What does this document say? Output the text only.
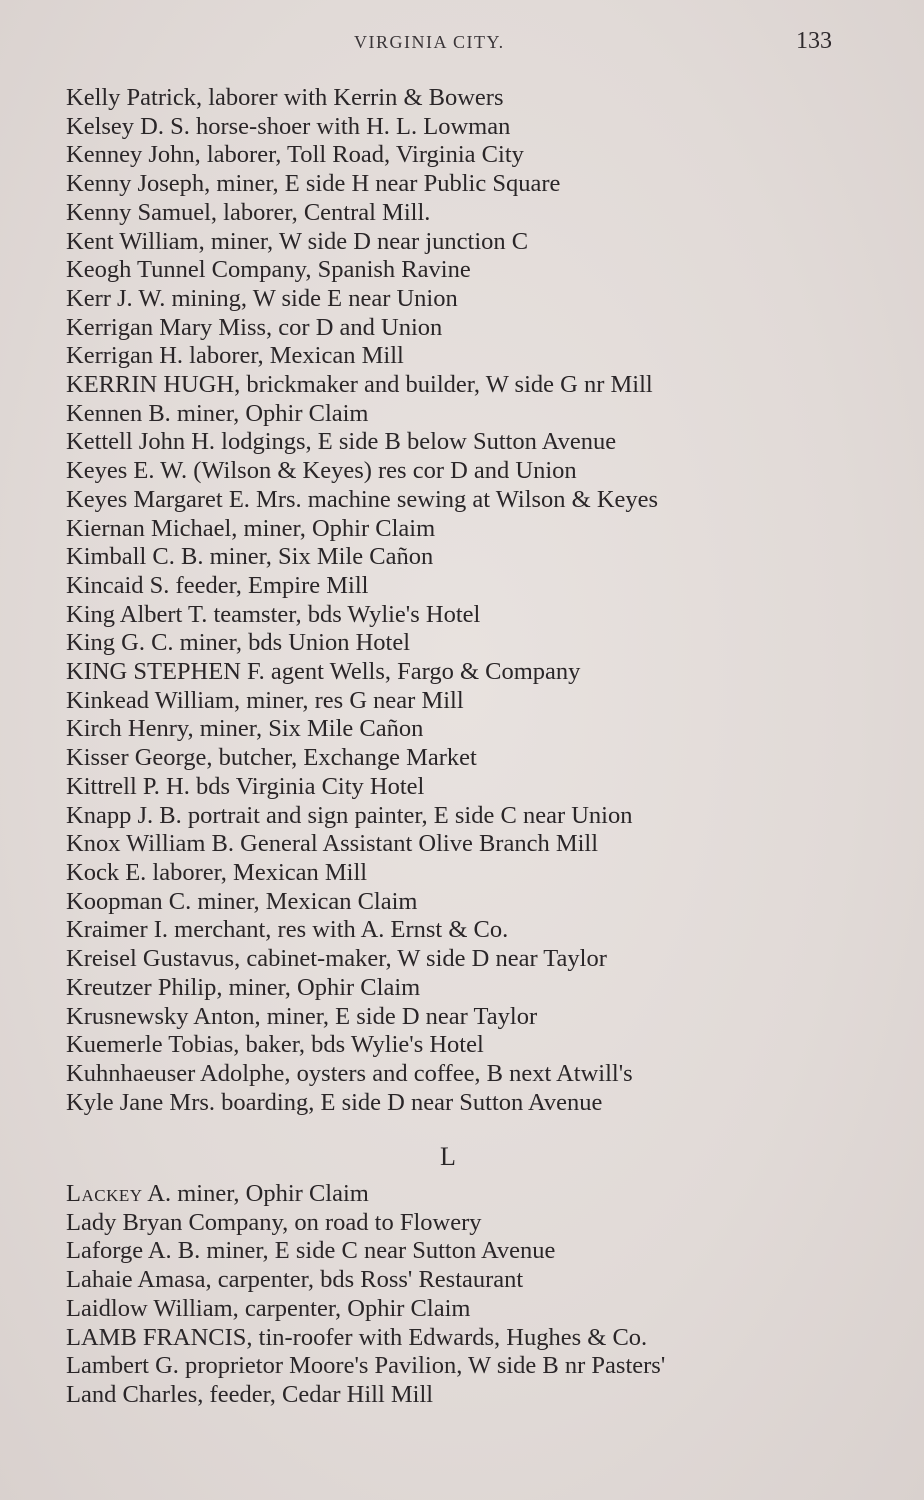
VIRGINIA CITY.	133
Kelly Patrick, laborer with Kerrin & Bowers
Kelsey D. S. horse-shoer with H. L. Lowman
Kenney John, laborer, Toll Road, Virginia City
Kenny Joseph, miner, E side H near Public Square
Kenny Samuel, laborer, Central Mill.
Kent William, miner, W side D near junction C
Keogh Tunnel Company, Spanish Ravine
Kerr J. W. mining, W side E near Union
Kerrigan Mary Miss, cor D and Union
Kerrigan H. laborer, Mexican Mill
KERRIN HUGH, brickmaker and builder, W side G nr Mill
Kennen B. miner, Ophir Claim
Kettell John H. lodgings, E side B below Sutton Avenue
Keyes E. W. (Wilson & Keyes) res cor D and Union
Keyes Margaret E. Mrs. machine sewing at Wilson & Keyes
Kiernan Michael, miner, Ophir Claim
Kimball C. B. miner, Six Mile Cañon
Kincaid S. feeder, Empire Mill
King Albert T. teamster, bds Wylie's Hotel
King G. C. miner, bds Union Hotel
KING STEPHEN F. agent Wells, Fargo & Company
Kinkead William, miner, res G near Mill
Kirch Henry, miner, Six Mile Cañon
Kisser George, butcher, Exchange Market
Kittrell P. H. bds Virginia City Hotel
Knapp J. B. portrait and sign painter, E side C near Union
Knox William B. General Assistant Olive Branch Mill
Kock E. laborer, Mexican Mill
Koopman C. miner, Mexican Claim
Kraimer I. merchant, res with A. Ernst & Co.
Kreisel Gustavus, cabinet-maker, W side D near Taylor
Kreutzer Philip, miner, Ophir Claim
Krusnewsky Anton, miner, E side D near Taylor
Kuemerle Tobias, baker, bds Wylie's Hotel
Kuhnhaeuser Adolphe, oysters and coffee, B next Atwill's
Kyle Jane Mrs. boarding, E side D near Sutton Avenue
L
Lackey A. miner, Ophir Claim
Lady Bryan Company, on road to Flowery
Laforge A. B. miner, E side C near Sutton Avenue
Lahaie Amasa, carpenter, bds Ross' Restaurant
Laidlow William, carpenter, Ophir Claim
LAMB FRANCIS, tin-roofer with Edwards, Hughes & Co.
Lambert G. proprietor Moore's Pavilion, W side B nr Pasters'
Land Charles, feeder, Cedar Hill Mill
